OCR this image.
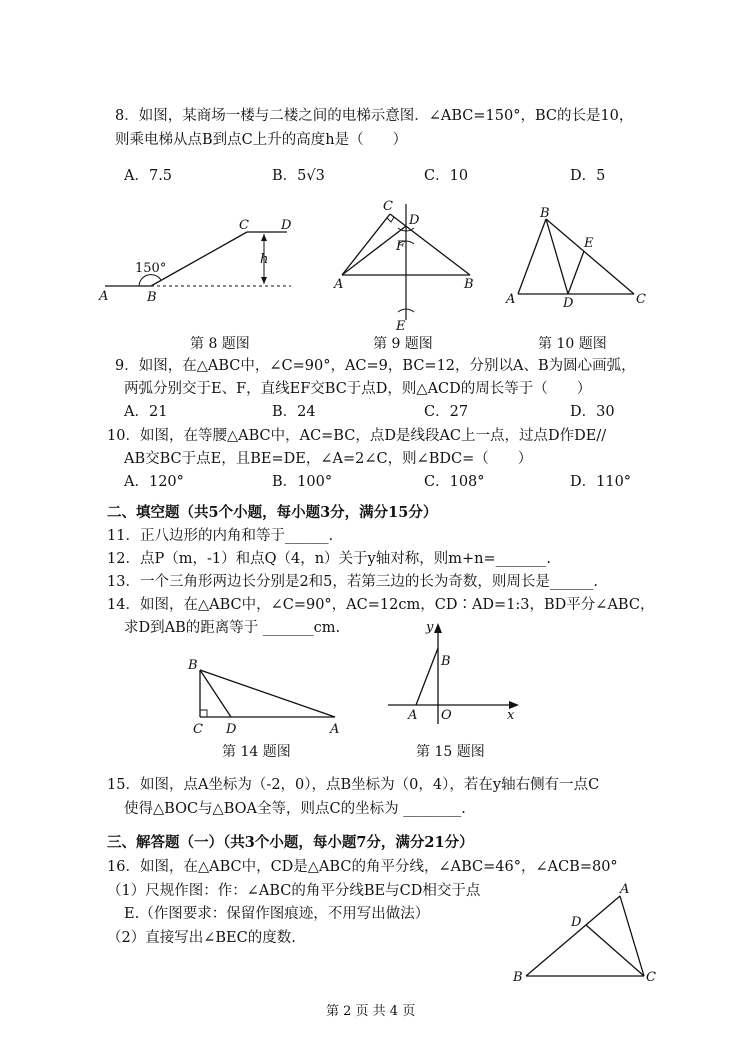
8．如图，某商场一楼与二楼之间的电梯示意图．∠ABC=150°，BC的长是10，
则乘电梯从点B到点C上升的高度h是（　　）
A．7.5	B．5√3	C．10	D．5
150°
A	B
C D
h
第 8 题图
A	B
C
D
F
E
第 9 题图
A
B
C
D
E
第 10 题图
9．如图，在△ABC中，∠C=90°，AC=9，BC=12，分别以A、B为圆心画弧，
两弧分别交于E、F，直线EF交BC于点D，则△ACD的周长等于（　　）
A．21	B．24	C．27	D．30
10．如图，在等腰△ABC中，AC=BC，点D是线段AC上一点，过点D作DE//
AB交BC于点E，且BE=DE，∠A=2∠C，则∠BDC=（　　）
A．120°	B．100°	C．108°	D．110°
二、填空题（共5个小题，每小题3分，满分15分）
11．正八边形的内角和等于______.
12．点P（m，-1）和点Q（4，n）关于y轴对称，则m+n=_______.
13．一个三角形两边长分别是2和5，若第三边的长为奇数，则周长是______.
14．如图，在△ABC中，∠C=90°，AC=12cm，CD∶AD=1:3，BD平分∠ABC，
求D到AB的距离等于 _______cm.
B
C D	A
第 14 题图
y
B
A O	x
第 15 题图
15．如图，点A坐标为（-2，0），点B坐标为（0，4），若在y轴右侧有一点C
使得△BOC与△BOA全等，则点C的坐标为 ________.
三、解答题（一）（共3个小题，每小题7分，满分21分）
16．如图，在△ABC中，CD是△ABC的角平分线，∠ABC=46°，∠ACB=80°
（1）尺规作图：作：∠ABC的角平分线BE与CD相交于点
E.（作图要求：保留作图痕迹，不用写出做法）
（2）直接写出∠BEC的度数.
A
D
B	C
第 2 页 共 4 页
